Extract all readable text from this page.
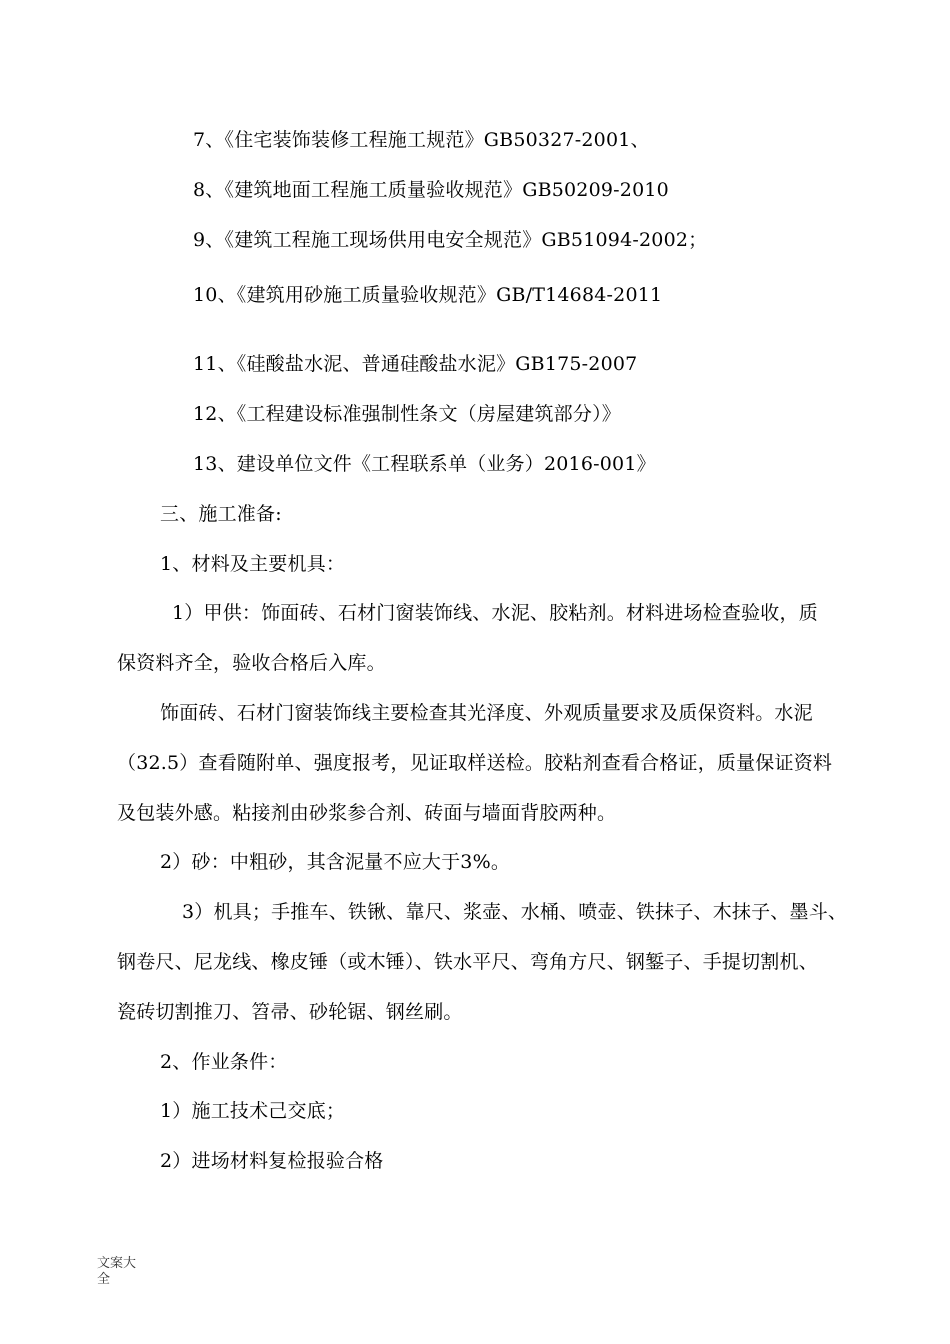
7、《住宅装饰装修工程施工规范》GB50327-2001、
8、《建筑地面工程施工质量验收规范》GB50209-2010
9、《建筑工程施工现场供用电安全规范》GB51094-2002；
10、《建筑用砂施工质量验收规范》GB/T14684-2011
11、《硅酸盐水泥、普通硅酸盐水泥》GB175-2007
12、《工程建设标准强制性条文（房屋建筑部分）》
13、建设单位文件《工程联系单（业务）2016-001》
三、施工准备:
1、材料及主要机具：
1）甲供：饰面砖、石材门窗装饰线、水泥、胶粘剂。材料进场检查验收，质
保资料齐全，验收合格后入库。
饰面砖、石材门窗装饰线主要检查其光泽度、外观质量要求及质保资料。水泥
（32.5）查看随附单、强度报考，见证取样送检。胶粘剂查看合格证，质量保证资料
及包装外感。粘接剂由砂浆参合剂、砖面与墙面背胶两种。
2）砂：中粗砂，其含泥量不应大于3%。
3）机具；手推车、铁锹、靠尺、浆壶、水桶、喷壶、铁抹子、木抹子、墨斗、
钢卷尺、尼龙线、橡皮锤（或木锤）、铁水平尺、弯角方尺、钢錾子、手提切割机、
瓷砖切割推刀、笤帚、砂轮锯、钢丝刷。
2、作业条件：
1）施工技术己交底；
2）进场材料复检报验合格
文案大全
